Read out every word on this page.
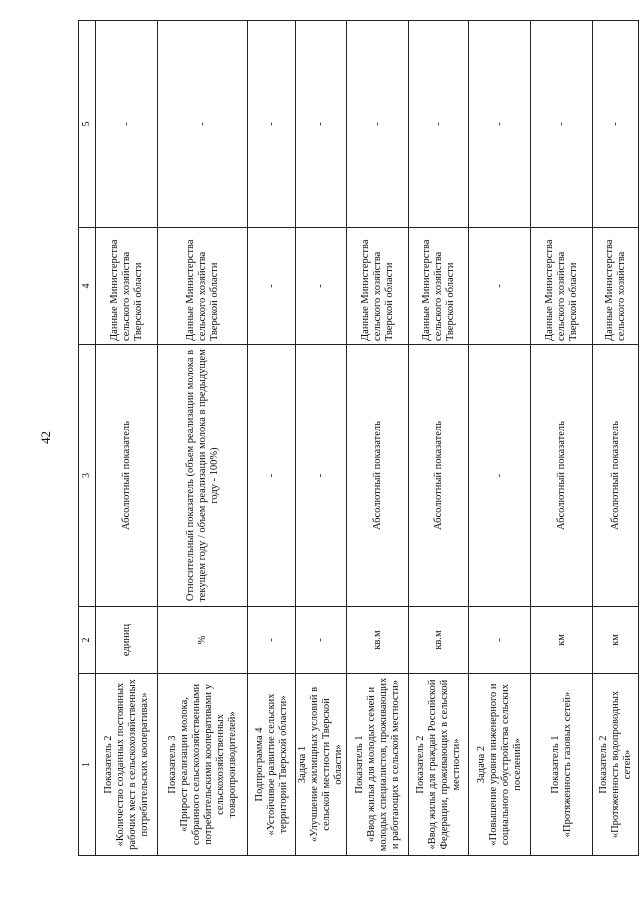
42
1	2	3	4	5
Показатель 2
«Количество созданных постоянных рабочих мест в сельскохозяйственных потребительских кооперативах»	единиц	Абсолютный показатель	Данные Министерства сельского хозяйства Тверской области	-
Показатель 3
«Прирост реализации молока, собранного сельскохозяйственными потребительскими кооперативами у сельскохозяйственных товаропроизводителей»	%	Относительный показатель (объем реализации молока в текущем году / объем реализации молока в предыдущем году - 100%)	Данные Министерства сельского хозяйства Тверской области	-
Подпрограмма 4
«Устойчивое развитие сельских территорий Тверской области»	-	-	-	-
Задача 1
«Улучшение жилищных условий в сельской местности Тверской области»	-	-	-	-
Показатель 1
«Ввод жилья для молодых семей и молодых специалистов, проживающих и работающих в сельской местности»	кв.м	Абсолютный показатель	Данные Министерства сельского хозяйства Тверской области	-
Показатель 2
«Ввод жилья для граждан Российской Федерации, проживающих в сельской местности»	кв.м	Абсолютный показатель	Данные Министерства сельского хозяйства Тверской области	-
Задача 2
«Повышение уровня инженерного и социального обустройства сельских поселений»	-	-	-	-
Показатель 1
«Протяженность газовых сетей»	км	Абсолютный показатель	Данные Министерства сельского хозяйства Тверской области	-
Показатель 2
«Протяженность водопроводных сетей»	км	Абсолютный показатель	Данные Министерства сельского хозяйства	-
